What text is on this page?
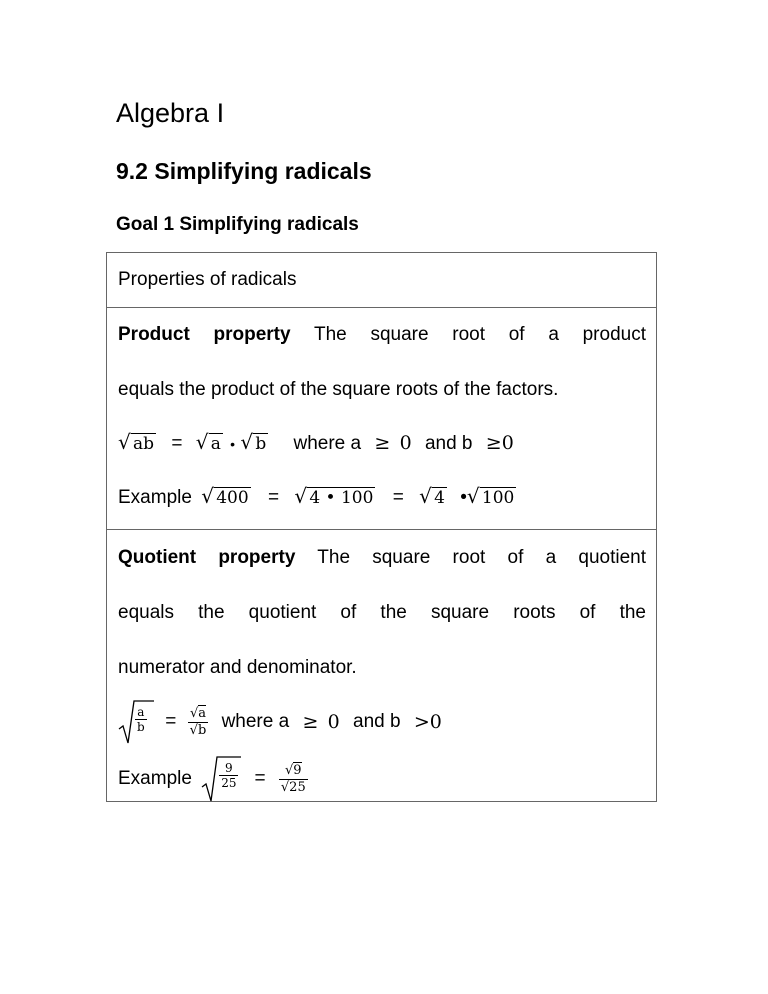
Algebra I
9.2 Simplifying radicals
Goal 1 Simplifying radicals
Properties of radicals
Product property The square root of a product
equals the product of the square roots of the factors.
√ ab = √ a • √ b where a ≥ 0 and b ≥0
Example √ 400 = √ 4 • 100 = √ 4 • √ 100
Quotient property The square root of a quotient
equals the quotient of the square roots of the
numerator and denominator.
$\frac{a}{b} = \frac{√a}{√b}$ where a ≥ 0 and b >0
Example $\frac{9}{25} = \frac{√9}{√25}$
